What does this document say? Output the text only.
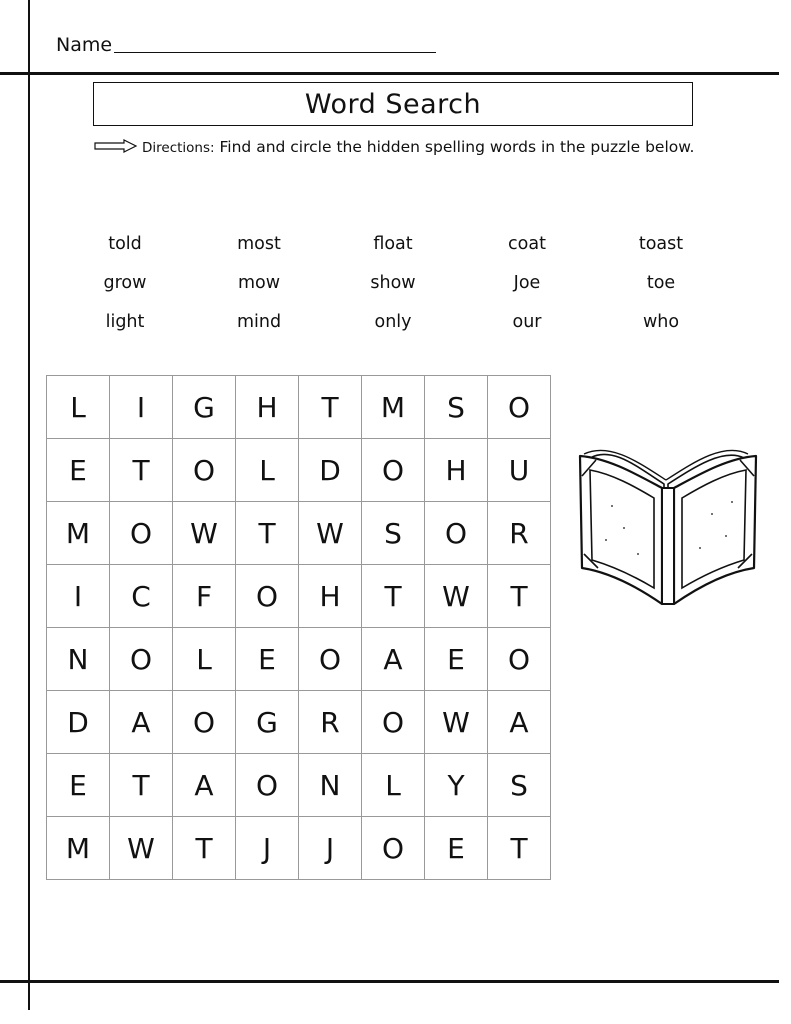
Name
Word Search
Directions: Find and circle the hidden spelling words in the puzzle below.
told	most	float	coat	toast
grow	mow	show	Joe	toe
light	mind	only	our	who
L	I	G	H	T	M	S	O
E	T	O	L	D	O	H	U
M	O	W	T	W	S	O	R
I	C	F	O	H	T	W	T
N	O	L	E	O	A	E	O
D	A	O	G	R	O	W	A
E	T	A	O	N	L	Y	S
M	W	T	J	J	O	E	T
